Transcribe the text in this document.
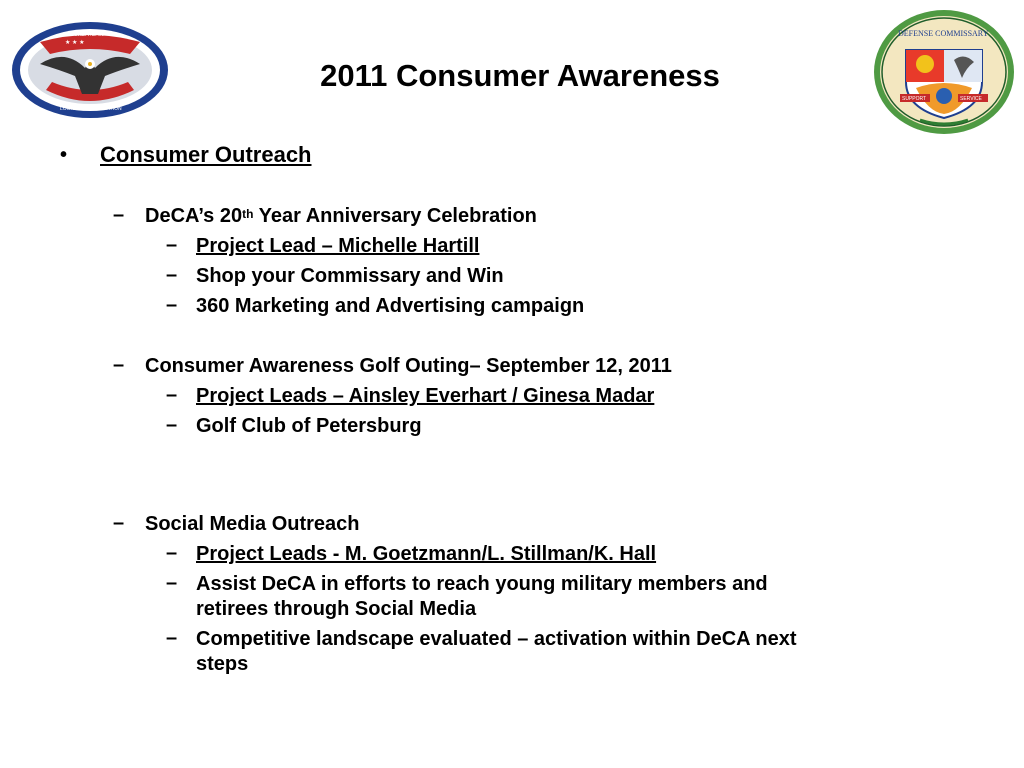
★ ★ ★
AMERICAN
LOGISTICS ASSOCIATION
SUPPORT	SERVICE
DEFENSE COMMISSARY
2011 Consumer Awareness
• Consumer Outreach
– DeCA’s 20th Year Anniversary Celebration
– Project Lead – Michelle Hartill
– Shop your Commissary and Win
– 360 Marketing and Advertising campaign
– Consumer Awareness Golf Outing– September 12, 2011
– Project Leads – Ainsley Everhart / Ginesa Madar
– Golf Club of Petersburg
– Social Media Outreach
– Project Leads - M. Goetzmann/L. Stillman/K. Hall
– Assist DeCA in efforts to reach young military members and
retirees through Social Media
– Competitive landscape evaluated – activation within DeCA next
steps
